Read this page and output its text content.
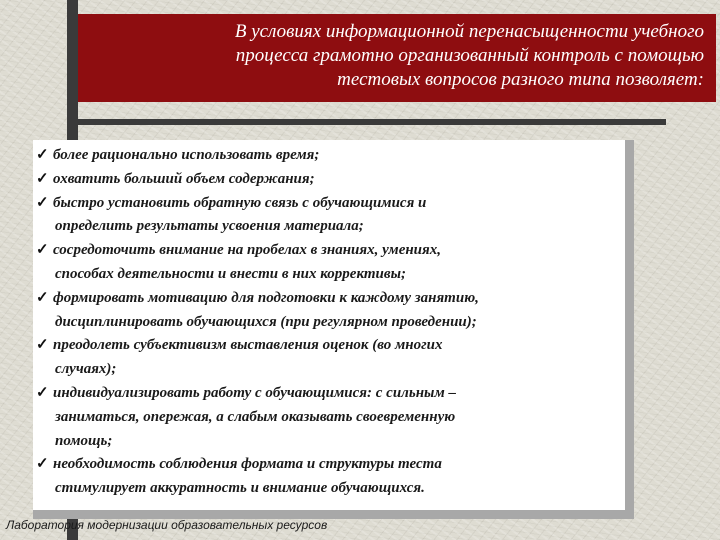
В условиях информационной перенасыщенности учебного
процесса грамотно организованный контроль с помощью
тестовых вопросов разного типа позволяет:

✓ более рационально использовать время;
✓ охватить больший объем содержания;
✓ быстро установить обратную связь с обучающимися и
определить результаты усвоения материала;
✓ сосредоточить внимание на пробелах в знаниях, умениях,
способах деятельности и внести в них коррективы;
✓ формировать мотивацию для подготовки к каждому занятию,
дисциплинировать обучающихся (при регулярном проведении);
✓ преодолеть субъективизм выставления оценок (во многих
случаях);
✓ индивидуализировать работу с обучающимися: с сильным –
заниматься, опережая, а слабым оказывать своевременную
помощь;
✓ необходимость соблюдения формата и структуры теста
стимулирует аккуратность и внимание обучающихся.
Лаборатория модернизации образовательных ресурсов
